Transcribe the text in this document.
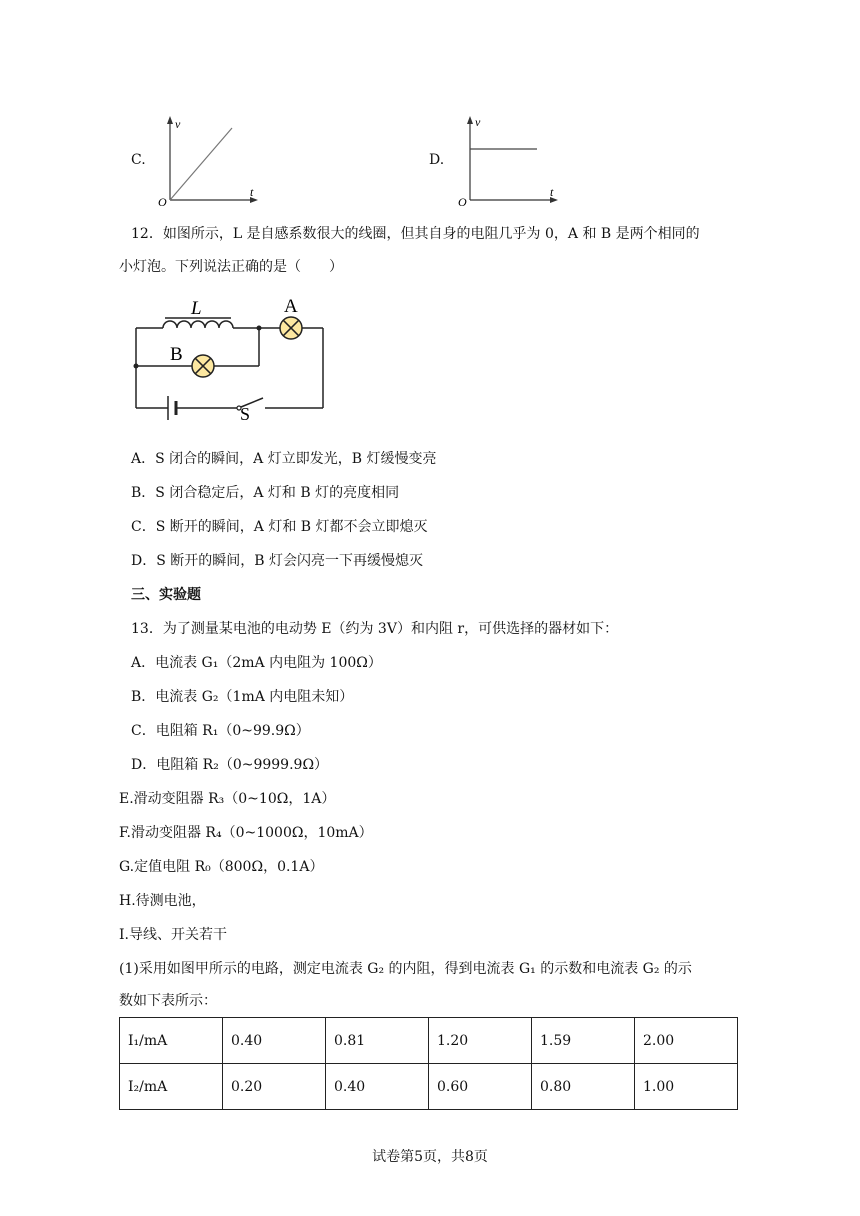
C.
v
t
O
D.
v
t
O
12．如图所示，L 是自感系数很大的线圈，但其自身的电阻几乎为 0，A 和 B 是两个相同的
小灯泡。下列说法正确的是（　　）
L	A
B
S
A．S 闭合的瞬间，A 灯立即发光，B 灯缓慢变亮
B．S 闭合稳定后，A 灯和 B 灯的亮度相同
C．S 断开的瞬间，A 灯和 B 灯都不会立即熄灭
D．S 断开的瞬间，B 灯会闪亮一下再缓慢熄灭
三、实验题
13．为了测量某电池的电动势 E（约为 3V）和内阻 r，可供选择的器材如下：
A．电流表 G₁（2mA 内电阻为 100Ω）
B．电流表 G₂（1mA 内电阻未知）
C．电阻箱 R₁（0~99.9Ω）
D．电阻箱 R₂（0~9999.9Ω）
E.滑动变阻器 R₃（0~10Ω，1A）
F.滑动变阻器 R₄（0~1000Ω，10mA）
G.定值电阻 R₀（800Ω，0.1A）
H.待测电池，
I.导线、开关若干
(1)采用如图甲所示的电路，测定电流表 G₂ 的内阻，得到电流表 G₁ 的示数和电流表 G₂ 的示
数如下表所示：
I₁/mA	0.40	0.81	1.20	1.59	2.00
I₂/mA	0.20	0.40	0.60	0.80	1.00
试卷第5页，共8页
